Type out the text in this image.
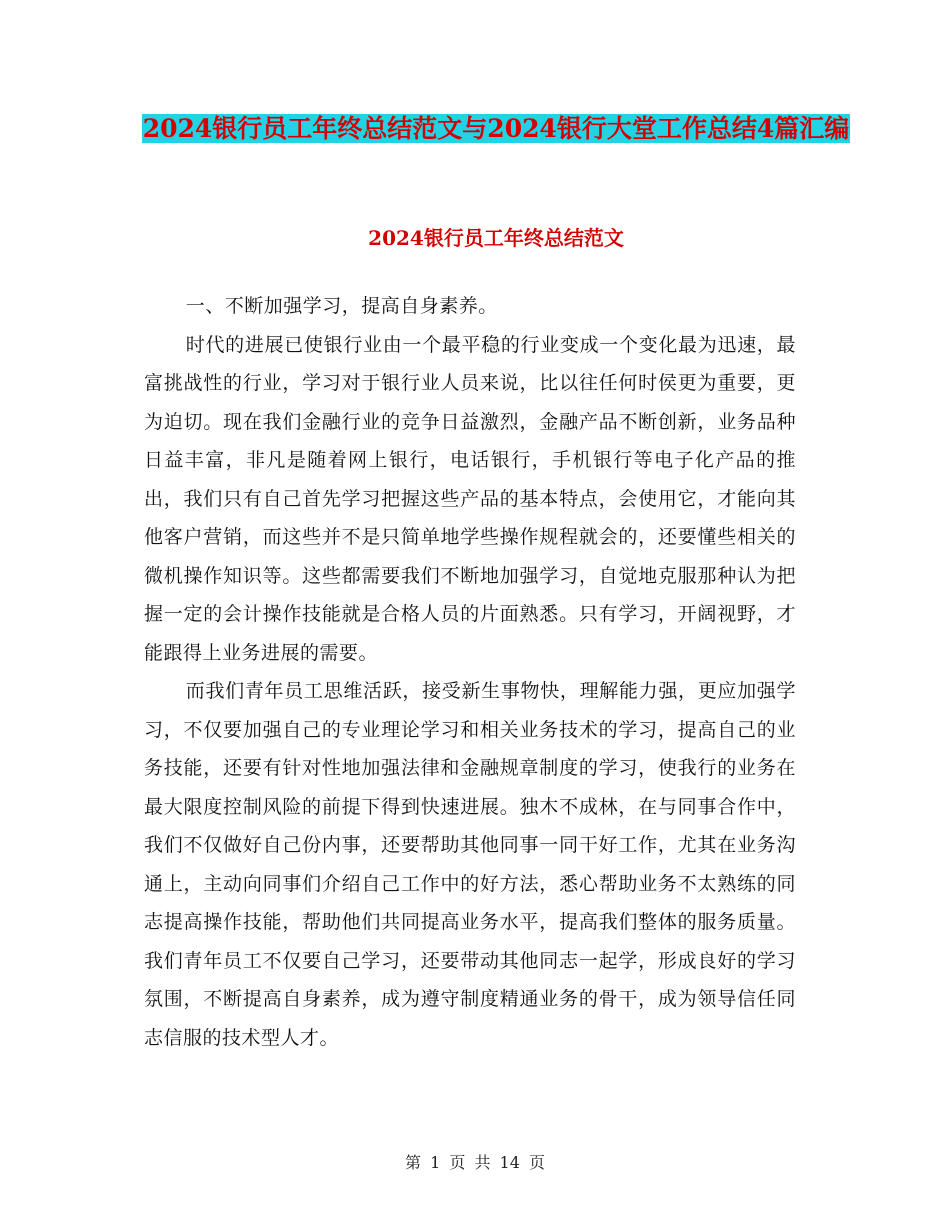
2024银行员工年终总结范文与2024银行大堂工作总结4篇汇编
2024银行员工年终总结范文

一、不断加强学习，提高自身素养。

时代的进展已使银行业由一个最平稳的行业变成一个变化最为迅速，最富挑战性的行业，学习对于银行业人员来说，比以往任何时侯更为重要，更为迫切。现在我们金融行业的竞争日益激烈，金融产品不断创新，业务品种日益丰富，非凡是随着网上银行，电话银行，手机银行等电子化产品的推出，我们只有自己首先学习把握这些产品的基本特点，会使用它，才能向其他客户营销，而这些并不是只简单地学些操作规程就会的，还要懂些相关的微机操作知识等。这些都需要我们不断地加强学习，自觉地克服那种认为把握一定的会计操作技能就是合格人员的片面熟悉。只有学习，开阔视野，才能跟得上业务进展的需要。

而我们青年员工思维活跃，接受新生事物快，理解能力强，更应加强学习，不仅要加强自己的专业理论学习和相关业务技术的学习，提高自己的业务技能，还要有针对性地加强法律和金融规章制度的学习，使我行的业务在最大限度控制风险的前提下得到快速进展。独木不成林，在与同事合作中，我们不仅做好自己份内事，还要帮助其他同事一同干好工作，尤其在业务沟通上，主动向同事们介绍自己工作中的好方法，悉心帮助业务不太熟练的同志提高操作技能，帮助他们共同提高业务水平，提高我们整体的服务质量。我们青年员工不仅要自己学习，还要带动其他同志一起学，形成良好的学习氛围，不断提高自身素养，成为遵守制度精通业务的骨干，成为领导信任同志信服的技术型人才。

第 1 页 共 14 页
